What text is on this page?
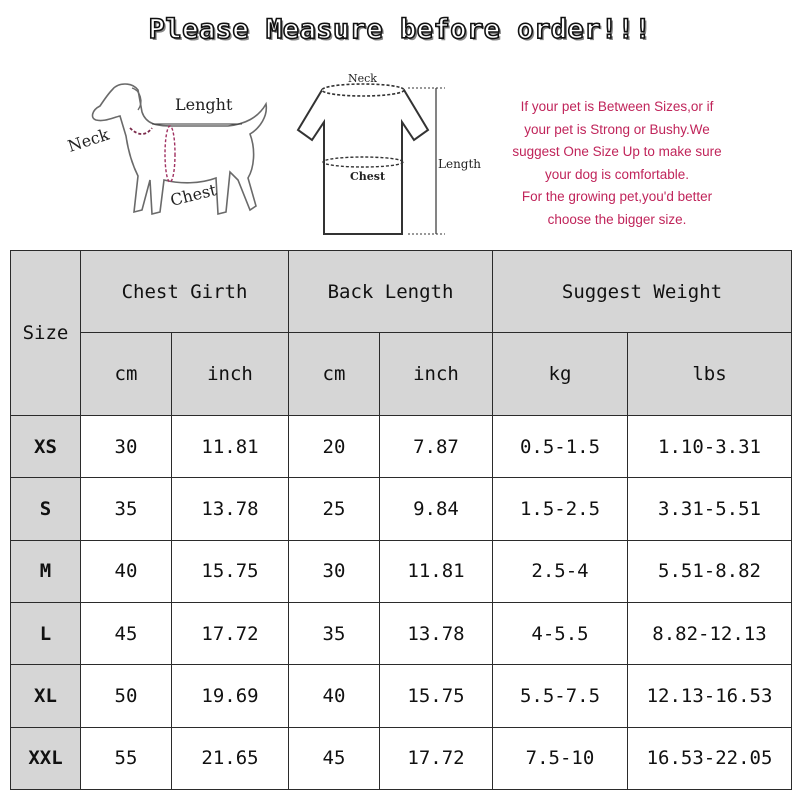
Please Measure before order!!!
Lenght
Neck
Chest
Neck
Chest
Length
If your pet is Between Sizes,or if
your pet is Strong or Bushy.We
suggest One Size Up to make sure
your dog is comfortable.
For the growing pet,you'd better
choose the bigger size.
Size	Chest Girth		Back Length		Suggest Weight	
	cm	inch	cm	inch	kg	lbs
XS	30	11.81	20	7.87	0.5-1.5	1.10-3.31
S	35	13.78	25	9.84	1.5-2.5	3.31-5.51
M	40	15.75	30	11.81	2.5-4	5.51-8.82
L	45	17.72	35	13.78	4-5.5	8.82-12.13
XL	50	19.69	40	15.75	5.5-7.5	12.13-16.53
XXL	55	21.65	45	17.72	7.5-10	16.53-22.05
